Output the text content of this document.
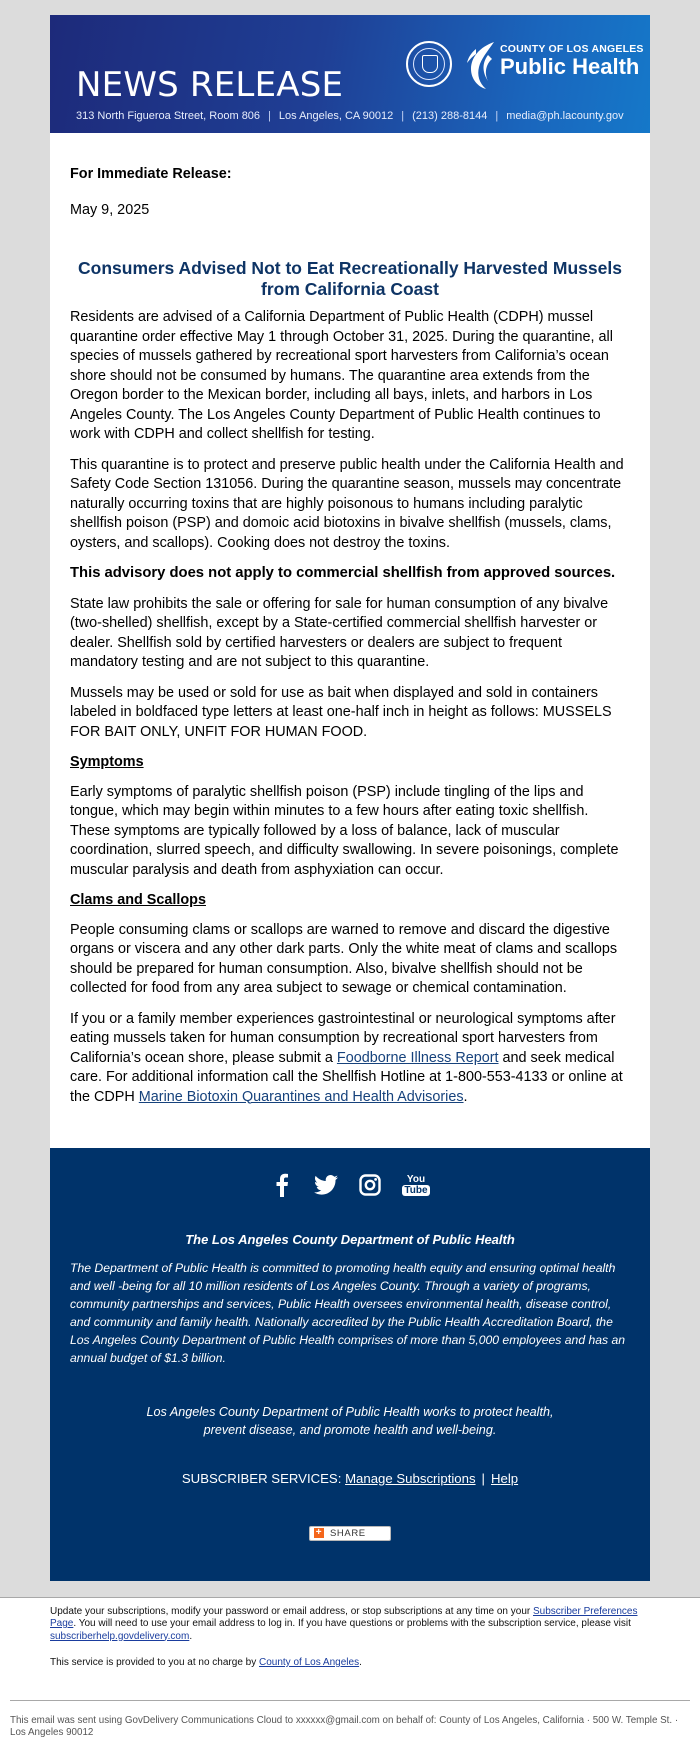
COUNTY OF LOS ANGELES
Public Health
NEWS RELEASE
313 North Figueroa Street, Room 806 | Los Angeles, CA 90012 | (213) 288-8144 | media@ph.lacounty.gov
For Immediate Release:
May 9, 2025
Consumers Advised Not to Eat Recreationally Harvested Mussels from California Coast

Residents are advised of a California Department of Public Health (CDPH) mussel quarantine order effective May 1 through October 31, 2025. During the quarantine, all species of mussels gathered by recreational sport harvesters from California’s ocean shore should not be consumed by humans. The quarantine area extends from the Oregon border to the Mexican border, including all bays, inlets, and harbors in Los Angeles County. The Los Angeles County Department of Public Health continues to work with CDPH and collect shellfish for testing.

This quarantine is to protect and preserve public health under the California Health and Safety Code Section 131056. During the quarantine season, mussels may concentrate naturally occurring toxins that are highly poisonous to humans including paralytic shellfish poison (PSP) and domoic acid biotoxins in bivalve shellfish (mussels, clams, oysters, and scallops). Cooking does not destroy the toxins.

This advisory does not apply to commercial shellfish from approved sources.

State law prohibits the sale or offering for sale for human consumption of any bivalve (two-shelled) shellfish, except by a State-certified commercial shellfish harvester or dealer. Shellfish sold by certified harvesters or dealers are subject to frequent mandatory testing and are not subject to this quarantine.

Mussels may be used or sold for use as bait when displayed and sold in containers labeled in boldfaced type letters at least one-half inch in height as follows: MUSSELS FOR BAIT ONLY, UNFIT FOR HUMAN FOOD.

Symptoms

Early symptoms of paralytic shellfish poison (PSP) include tingling of the lips and tongue, which may begin within minutes to a few hours after eating toxic shellfish. These symptoms are typically followed by a loss of balance, lack of muscular coordination, slurred speech, and difficulty swallowing. In severe poisonings, complete muscular paralysis and death from asphyxiation can occur.

Clams and Scallops

People consuming clams or scallops are warned to remove and discard the digestive organs or viscera and any other dark parts. Only the white meat of clams and scallops should be prepared for human consumption. Also, bivalve shellfish should not be collected for food from any area subject to sewage or chemical contamination.

If you or a family member experiences gastrointestinal or neurological symptoms after eating mussels taken for human consumption by recreational sport harvesters from California’s ocean shore, please submit a Foodborne Illness Report and seek medical care. For additional information call the Shellfish Hotline at 1-800-553-4133 or online at the CDPH Marine Biotoxin Quarantines and Health Advisories.

You
Tube
The Los Angeles County Department of Public Health
The Department of Public Health is committed to promoting health equity and ensuring optimal health and well -being for all 10 million residents of Los Angeles County. Through a variety of programs, community partnerships and services, Public Health oversees environmental health, disease control, and community and family health. Nationally accredited by the Public Health Accreditation Board, the Los Angeles County Department of Public Health comprises of more than 5,000 employees and has an annual budget of $1.3 billion.
Los Angeles County Department of Public Health works to protect health,
prevent disease, and promote health and well-being.
SUBSCRIBER SERVICES: Manage Subscriptions | Help
+ SHARE

Update your subscriptions, modify your password or email address, or stop subscriptions at any time on your Subscriber Preferences Page. You will need to use your email address to log in. If you have questions or problems with the subscription service, please visit subscriberhelp.govdelivery.com.

This service is provided to you at no charge by County of Los Angeles.

This email was sent using GovDelivery Communications Cloud to xxxxxx@gmail.com on behalf of: County of Los Angeles, California · 500 W. Temple St. · Los Angeles 90012
